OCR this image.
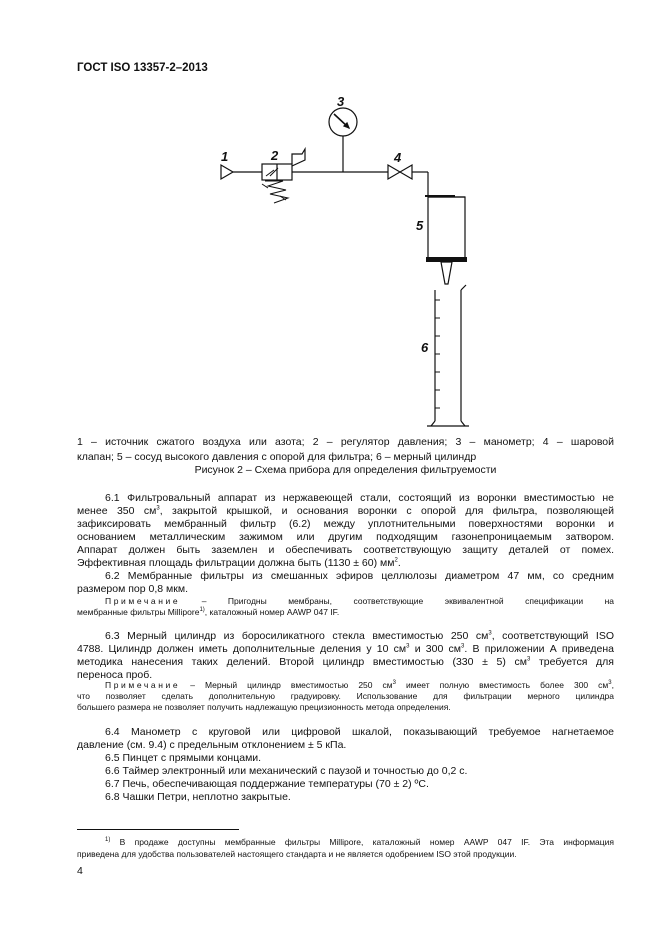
ГОСТ ISO 13357-2–2013
1	2
3
4
5
6
1 – источник сжатого воздуха или азота; 2 – регулятор давления; 3 – манометр; 4 – шаровой
клапан; 5 – сосуд высокого давления с опорой для фильтра; 6 – мерный цилиндр
Рисунок 2 – Схема прибора для определения фильтруемости

6.1 Фильтровальный аппарат из нержавеющей стали, состоящий из воронки вместимостью не
менее 350 $см^3$, закрытой крышкой, и основания воронки с опорой для фильтра, позволяющей
зафиксировать мембранный фильтр (6.2) между уплотнительными поверхностями воронки и
основанием металлическим зажимом или другим подходящим газонепроницаемым затвором.
Аппарат должен быть заземлен и обеспечивать соответствующую защиту деталей от помех.
Эффективная площадь фильтрации должна быть (1130 ± 60) $мм^2$.

6.2 Мембранные фильтры из смешанных эфиров целлюлозы диаметром 47 мм, со средним
размером пор 0,8 мкм.

Примечание – Пригодны мембраны, соответствующие эквивалентной спецификации на
мембранные фильтры Millipore$^{1)}$, каталожный номер AAWP 047 IF.

6.3 Мерный цилиндр из боросиликатного стекла вместимостью 250 $см^3$, соответствующий ISO
4788. Цилиндр должен иметь дополнительные деления у 10 $см^3$ и 300 $см^3$. В приложении А приведена
методика нанесения таких делений. Второй цилиндр вместимостью (330 ± 5) $см^3$ требуется для
переноса проб.

Примечание – Мерный цилиндр вместимостью 250 $см^3$ имеет полную вместимость более 300 $см^3$,
что позволяет сделать дополнительную градуировку. Использование для фильтрации мерного цилиндра
большего размера не позволяет получить надлежащую прецизионность метода определения.

6.4 Манометр с круговой или цифровой шкалой, показывающий требуемое нагнетаемое
давление (см. 9.4) с предельным отклонением ± 5 кПа.

6.5 Пинцет с прямыми концами.

6.6 Таймер электронный или механический с паузой и точностью до 0,2 с.

6.7 Печь, обеспечивающая поддержание температуры (70 ± 2) ºС.

6.8 Чашки Петри, неплотно закрытые.

$^{1)}$ В продаже доступны мембранные фильтры Millipore, каталожный номер AAWP 047 IF. Эта информация
приведена для удобства пользователей настоящего стандарта и не является одобрением ISO этой продукции.
4
